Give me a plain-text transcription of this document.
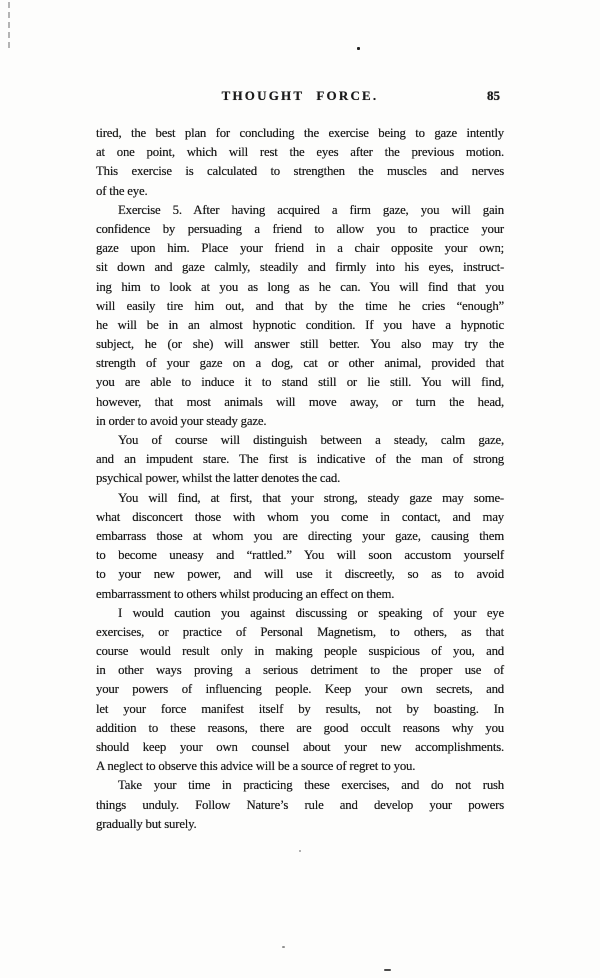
THOUGHT FORCE.	85
tired, the best plan for concluding the exercise being to gaze intently
at one point, which will rest the eyes after the previous motion.
This exercise is calculated to strengthen the muscles and nerves
of the eye.
Exercise 5. After having acquired a firm gaze, you will gain
confidence by persuading a friend to allow you to practice your
gaze upon him. Place your friend in a chair opposite your own;
sit down and gaze calmly, steadily and firmly into his eyes, instruct-
ing him to look at you as long as he can. You will find that you
will easily tire him out, and that by the time he cries “enough”
he will be in an almost hypnotic condition. If you have a hypnotic
subject, he (or she) will answer still better. You also may try the
strength of your gaze on a dog, cat or other animal, provided that
you are able to induce it to stand still or lie still. You will find,
however, that most animals will move away, or turn the head,
in order to avoid your steady gaze.
You of course will distinguish between a steady, calm gaze,
and an impudent stare. The first is indicative of the man of strong
psychical power, whilst the latter denotes the cad.
You will find, at first, that your strong, steady gaze may some-
what disconcert those with whom you come in contact, and may
embarrass those at whom you are directing your gaze, causing them
to become uneasy and “rattled.” You will soon accustom yourself
to your new power, and will use it discreetly, so as to avoid
embarrassment to others whilst producing an effect on them.
I would caution you against discussing or speaking of your eye
exercises, or practice of Personal Magnetism, to others, as that
course would result only in making people suspicious of you, and
in other ways proving a serious detriment to the proper use of
your powers of influencing people. Keep your own secrets, and
let your force manifest itself by results, not by boasting. In
addition to these reasons, there are good occult reasons why you
should keep your own counsel about your new accomplishments.
A neglect to observe this advice will be a source of regret to you.
Take your time in practicing these exercises, and do not rush
things unduly. Follow Nature’s rule and develop your powers
gradually but surely.
